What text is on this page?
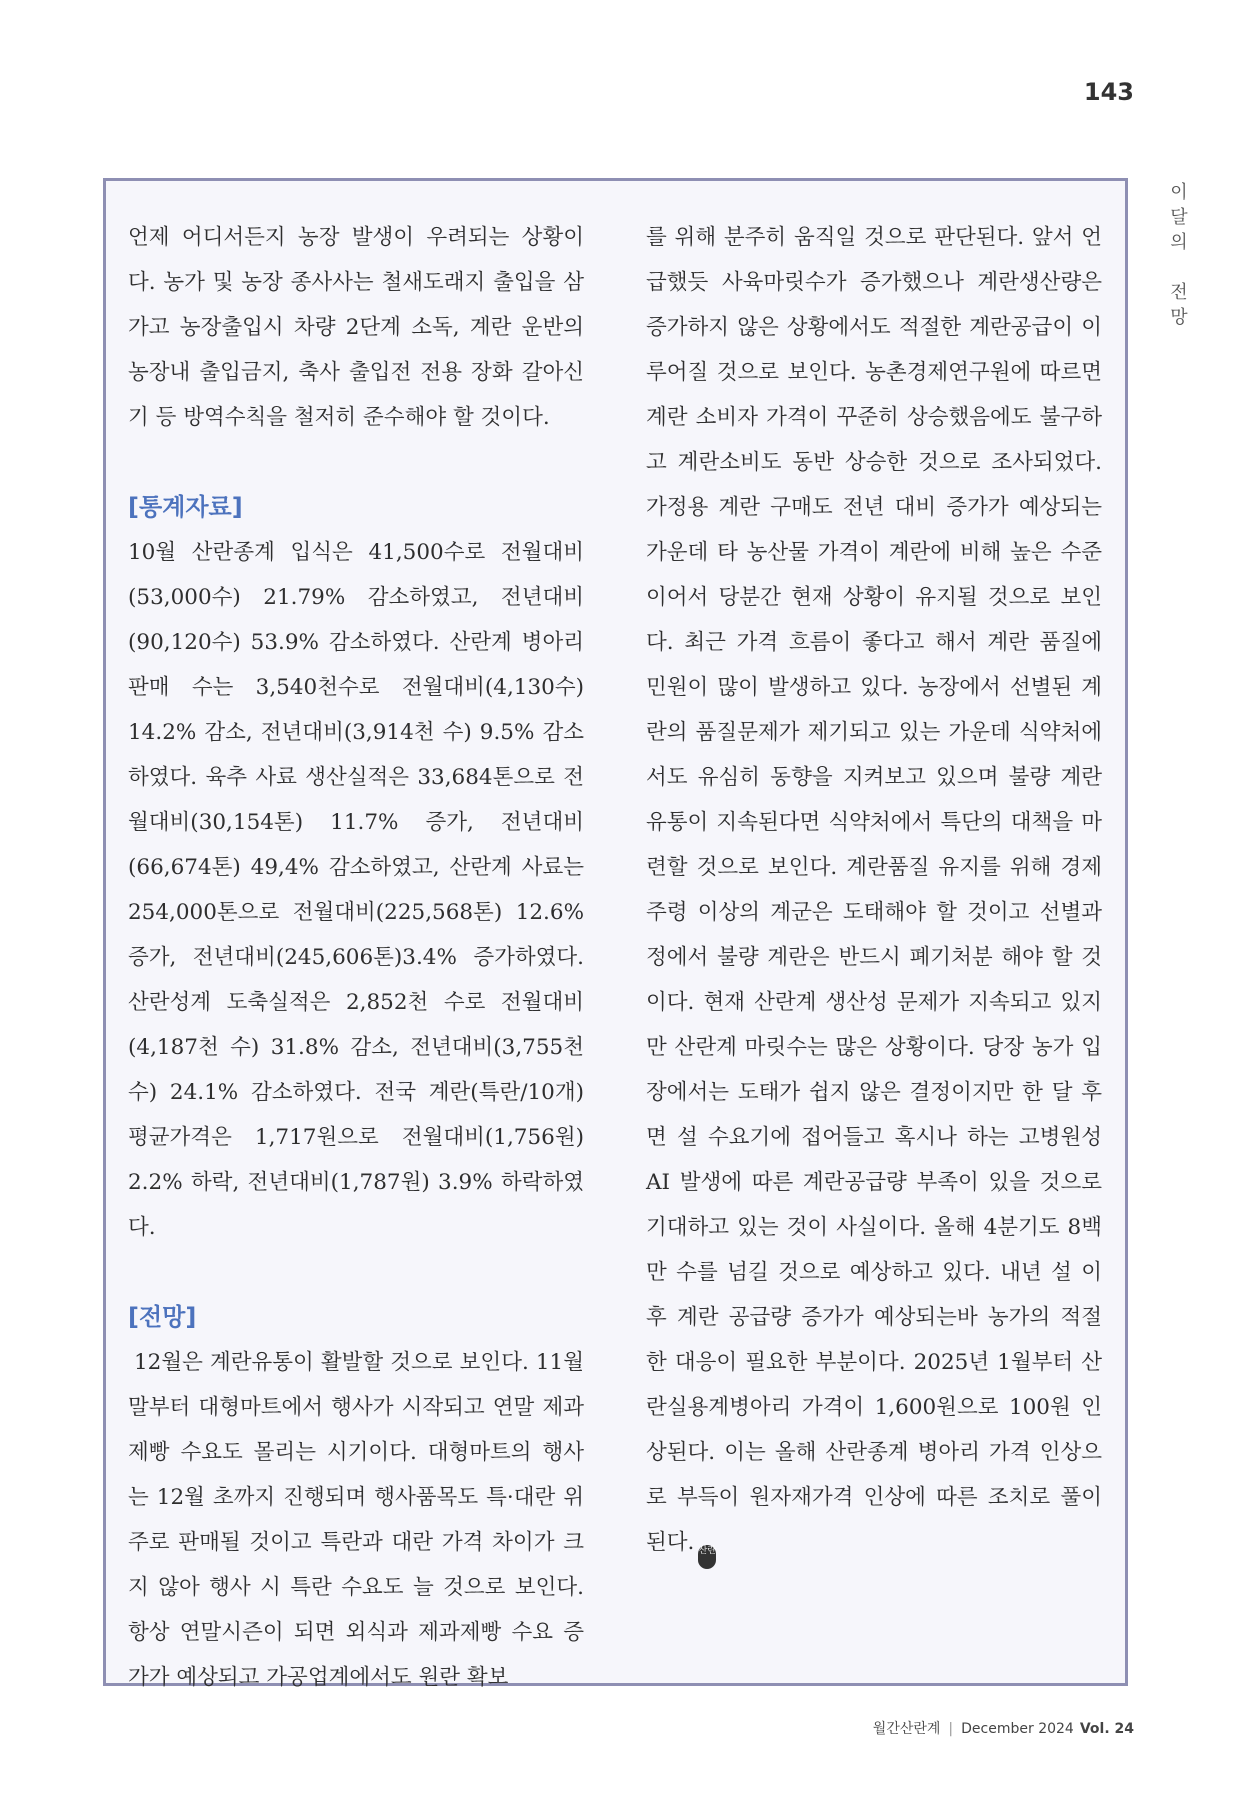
143
이
달
의

전
망

언제 어디서든지 농장 발생이 우려되는 상황이다. 농가 및 농장 종사사는 철새도래지 출입을 삼가고 농장출입시 차량 2단계 소독, 계란 운반의 농장내 출입금지, 축사 출입전 전용 장화 갈아신기 등 방역수칙을 철저히 준수해야 할 것이다.

[통계자료]

10월 산란종계 입식은 41,500수로 전월대비(53,000수) 21.79% 감소하였고, 전년대비(90,120수) 53.9% 감소하였다. 산란계 병아리 판매 수는 3,540천수로 전월대비(4,130수) 14.2% 감소, 전년대비(3,914천 수) 9.5% 감소하였다. 육추 사료 생산실적은 33,684톤으로 전월대비(30,154톤) 11.7% 증가, 전년대비(66,674톤) 49,4% 감소하였고, 산란계 사료는 254,000톤으로 전월대비(225,568톤) 12.6% 증가, 전년대비(245,606톤)3.4% 증가하였다. 산란성계 도축실적은 2,852천 수로 전월대비(4,187천 수) 31.8% 감소, 전년대비(3,755천수) 24.1% 감소하였다. 전국 계란(특란/10개) 평균가격은 1,717원으로 전월대비(1,756원) 2.2% 하락, 전년대비(1,787원) 3.9% 하락하였다.

[전망]

12월은 계란유통이 활발할 것으로 보인다. 11월 말부터 대형마트에서 행사가 시작되고 연말 제과제빵 수요도 몰리는 시기이다. 대형마트의 행사는 12월 초까지 진행되며 행사품목도 특·대란 위주로 판매될 것이고 특란과 대란 가격 차이가 크지 않아 행사 시 특란 수요도 늘 것으로 보인다. 항상 연말시즌이 되면 외식과 제과제빵 수요 증가가 예상되고 가공업계에서도 원란 확보

를 위해 분주히 움직일 것으로 판단된다. 앞서 언급했듯 사육마릿수가 증가했으나 계란생산량은 증가하지 않은 상황에서도 적절한 계란공급이 이루어질 것으로 보인다. 농촌경제연구원에 따르면 계란 소비자 가격이 꾸준히 상승했음에도 불구하고 계란소비도 동반 상승한 것으로 조사되었다. 가정용 계란 구매도 전년 대비 증가가 예상되는 가운데 타 농산물 가격이 계란에 비해 높은 수준이어서 당분간 현재 상황이 유지될 것으로 보인다. 최근 가격 흐름이 좋다고 해서 계란 품질에 민원이 많이 발생하고 있다. 농장에서 선별된 계란의 품질문제가 제기되고 있는 가운데 식약처에서도 유심히 동향을 지켜보고 있으며 불량 계란 유통이 지속된다면 식약처에서 특단의 대책을 마련할 것으로 보인다. 계란품질 유지를 위해 경제주령 이상의 계군은 도태해야 할 것이고 선별과정에서 불량 계란은 반드시 폐기처분 해야 할 것이다. 현재 산란계 생산성 문제가 지속되고 있지만 산란계 마릿수는 많은 상황이다. 당장 농가 입장에서는 도태가 쉽지 않은 결정이지만 한 달 후면 설 수요기에 접어들고 혹시나 하는 고병원성 AI 발생에 따른 계란공급량 부족이 있을 것으로 기대하고 있는 것이 사실이다. 올해 4분기도 8백만 수를 넘길 것으로 예상하고 있다. 내년 설 이후 계란 공급량 증가가 예상되는바 농가의 적절한 대응이 필요한 부분이다. 2025년 1월부터 산란실용계병아리 가격이 1,600원으로 100원 인상된다. 이는 올해 산란종계 병아리 가격 인상으로 부득이 원자재가격 인상에 따른 조치로 풀이된다. 산란

월간산란계 | December 2024 Vol. 24
